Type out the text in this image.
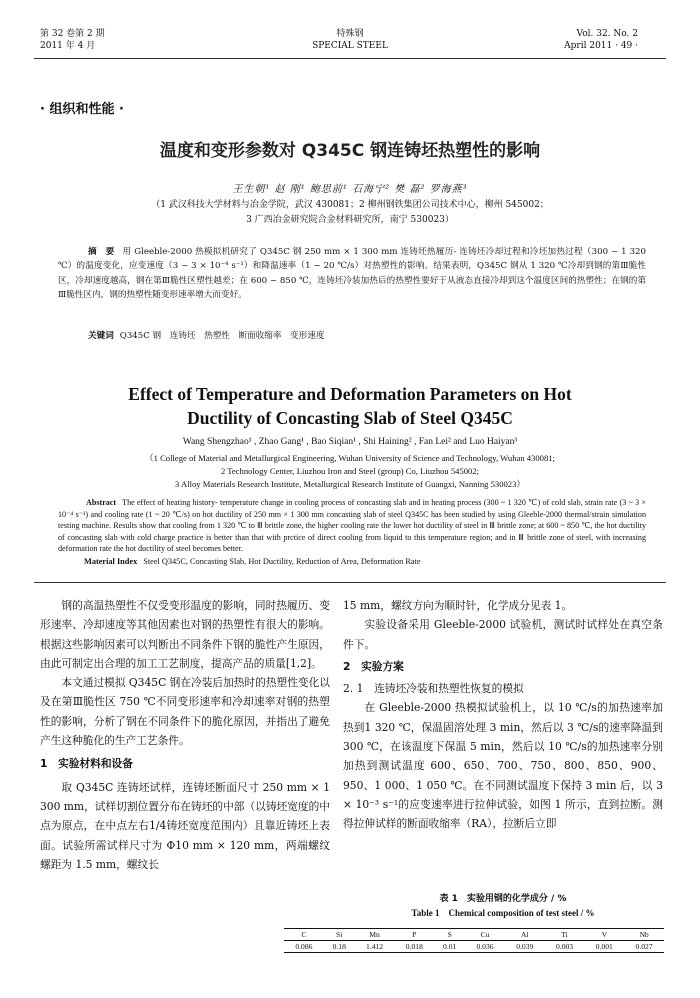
第 32 卷第 2 期
2011 年 4 月
特殊钢
SPECIAL STEEL
Vol. 32. No. 2
April 2011 · 49 ·
· 组织和性能 ·
温度和变形参数对 Q345C 钢连铸坯热塑性的影响
王生朝¹ 赵 刚¹ 鲍思前¹ 石海宁² 樊 磊² 罗海燕³
（1 武汉科技大学材料与冶金学院，武汉 430081；2 柳州钢铁集团公司技术中心，柳州 545002；
3 广西冶金研究院合金材料研究所，南宁 530023）
摘　要 用 Gleeble-2000 热模拟机研究了 Q345C 钢 250 mm × 1 300 mm 连铸坯热履历- 连铸坯冷却过程和冷坯加热过程（300 ~ 1 320 ℃）的温度变化，应变速度（3 ~ 3 × 10⁻⁴ s⁻¹）和降温速率（1 ~ 20 ℃/s）对热塑性的影响。结果表明，Q345C 钢从 1 320 ℃冷却到钢的第Ⅲ脆性区，冷却速度越高，钢在第Ⅲ脆性区塑性越差；在 600 ~ 850 ℃，连铸坯冷装加热后的热塑性要好于从液态直接冷却到这个温度区间的热塑性；在钢的第Ⅲ脆性区内，钢的热塑性随变形速率增大而变好。
关键词 Q345C 钢　连铸坯　热塑性　断面收缩率　变形速度
Effect of Temperature and Deformation Parameters on Hot
Ductility of Concasting Slab of Steel Q345C
Wang Shengzhao¹ , Zhao Gang¹ , Bao Siqian¹ , Shi Haining² , Fan Lei² and Luo Haiyan³
（1 College of Material and Metallurgical Engineering, Wuhan University of Science and Technology, Wuhan 430081;
2 Technology Center, Liuzhou Iron and Steel (group) Co, Liuzhou 545002;
3 Alloy Materials Research Institute, Metallurgical Research Institute of Guangxi, Nanning 530023）
Abstract The effect of heating history- temperature change in cooling process of concasting slab and in heating process (300 ~ 1 320 ℃) of cold slab, strain rate (3 ~ 3 × 10⁻⁴ s⁻¹) and cooling rate (1 ~ 20 ℃/s) on hot ductility of 250 mm × 1 300 mm concasting slab of steel Q345C has been studied by using Gleeble-2000 thermal/strain simulation testing machine. Results show that cooling from 1 320 ℃ to Ⅲ brittle zone, the higher cooling rate the lower hot ductility of steel in Ⅲ brittle zone; at 600 ~ 850 ℃, the hot ductility of concasting slab with cold charge practice is better than that with prctice of direct cooling from liquid to this temperature region; and in Ⅲ brittle zone of steel, with increasing deformation rate the hot ductility of steel becomes better.
Material Index Steel Q345C, Concasting Slab, Hot Ductility, Reduction of Area, Deformation Rate

钢的高温热塑性不仅受变形温度的影响，同时热履历、变形速率、冷却速度等其他因素也对钢的热塑性有很大的影响。根据这些影响因素可以判断出不同条件下钢的脆性产生原因，由此可制定出合理的加工工艺制度，提高产品的质量[1,2]。

本文通过模拟 Q345C 钢在冷装后加热时的热塑性变化以及在第Ⅲ脆性区 750 ℃不同变形速率和冷却速率对钢的热塑性的影响，分析了钢在不同条件下的脆化原因，并指出了避免产生这种脆化的生产工艺条件。

1　实验材料和设备

取 Q345C 连铸坯试样，连铸坯断面尺寸 250 mm × 1 300 mm，试样切割位置分布在铸坯的中部（以铸坯宽度的中点为原点，在中点左右1/4铸坯宽度范围内）且靠近铸坯上表面。试验所需试样尺寸为 Φ10 mm × 120 mm，两端螺纹螺距为 1.5 mm，螺纹长

15 mm，螺纹方向为顺时针，化学成分见表 1。

实验设备采用 Gleeble-2000 试验机，测试时试样处在真空条件下。

2　实验方案
2. 1　连铸坯冷装和热塑性恢复的模拟

在 Gleeble-2000 热模拟试验机上，以 10 ℃/s的加热速率加热到1 320 ℃，保温固溶处理 3 min，然后以 3 ℃/s的速率降温到 300 ℃，在该温度下保温 5 min，然后以 10 ℃/s的加热速率分别加热到测试温度 600、650、700、750、800、850、900、950、1 000、1 050 ℃。在不同测试温度下保持 3 min 后，以 3 × 10⁻³ s⁻¹的应变速率进行拉伸试验，如图 1 所示，直到拉断。测得拉伸试样的断面收缩率（RA），拉断后立即

表 1　实验用钢的化学成分 / %
Table 1　Chemical composition of test steel / %
C	Si	Mn	P	S	Cu	Al	Ti	V	Nb
0.086	0.18	1.412	0.018	0.01	0.036	0.039	0.003	0.001	0.027
